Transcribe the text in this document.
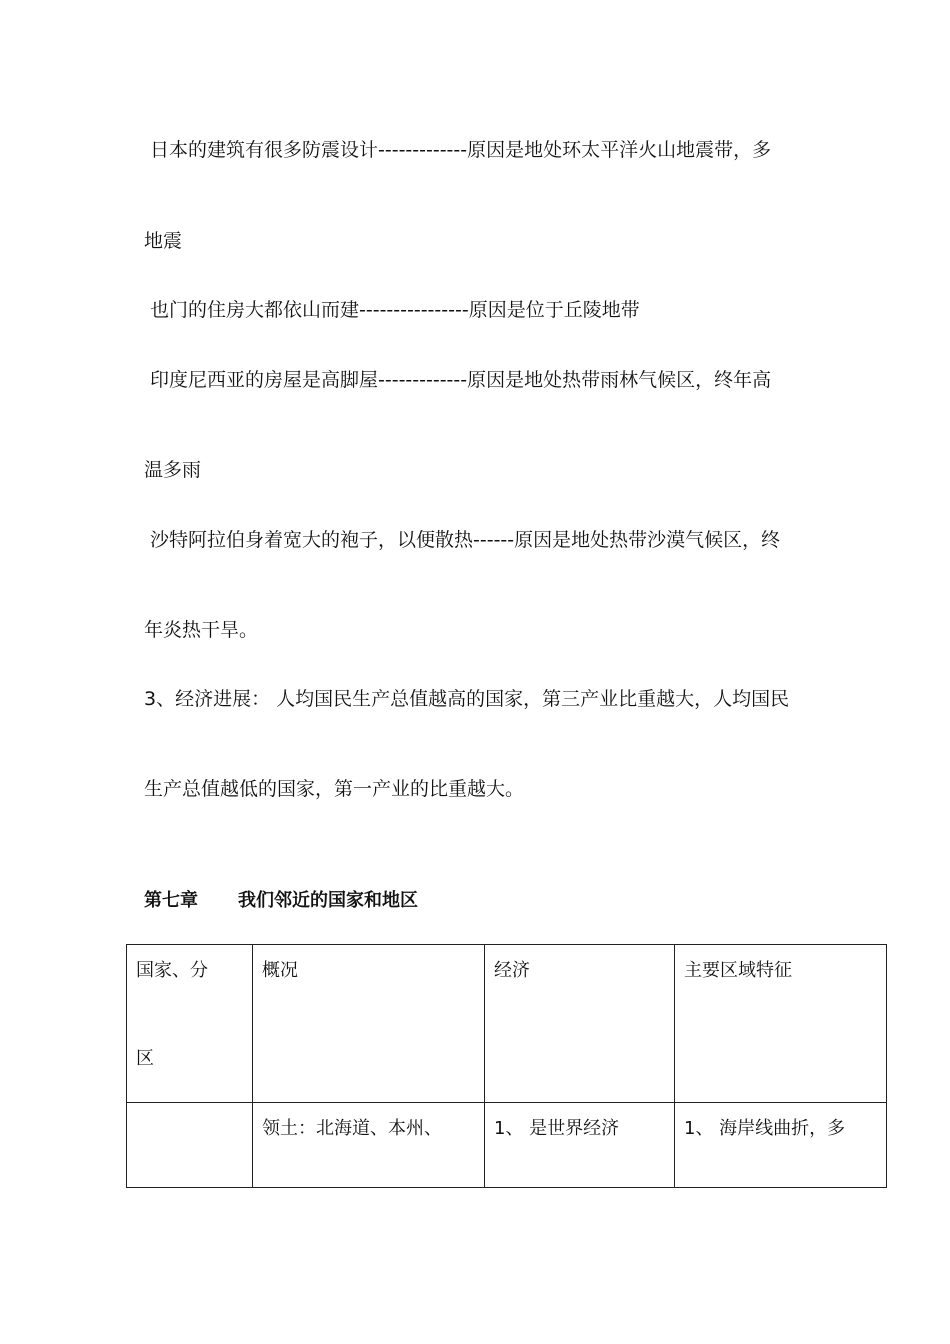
日本的建筑有很多防震设计-------------原因是地处环太平洋火山地震带，多
地震
也门的住房大都依山而建----------------原因是位于丘陵地带
印度尼西亚的房屋是高脚屋-------------原因是地处热带雨林气候区，终年高
温多雨
沙特阿拉伯身着宽大的袍子，以便散热------原因是地处热带沙漠气候区，终
年炎热干旱。
3、经济进展： 人均国民生产总值越高的国家，第三产业比重越大，人均国民
生产总值越低的国家，第一产业的比重越大。
第七章 我们邻近的国家和地区
国家、分
区	概况	经济	主要区域特征
	领土：北海道、本州、	1、 是世界经济	1、 海岸线曲折，多
